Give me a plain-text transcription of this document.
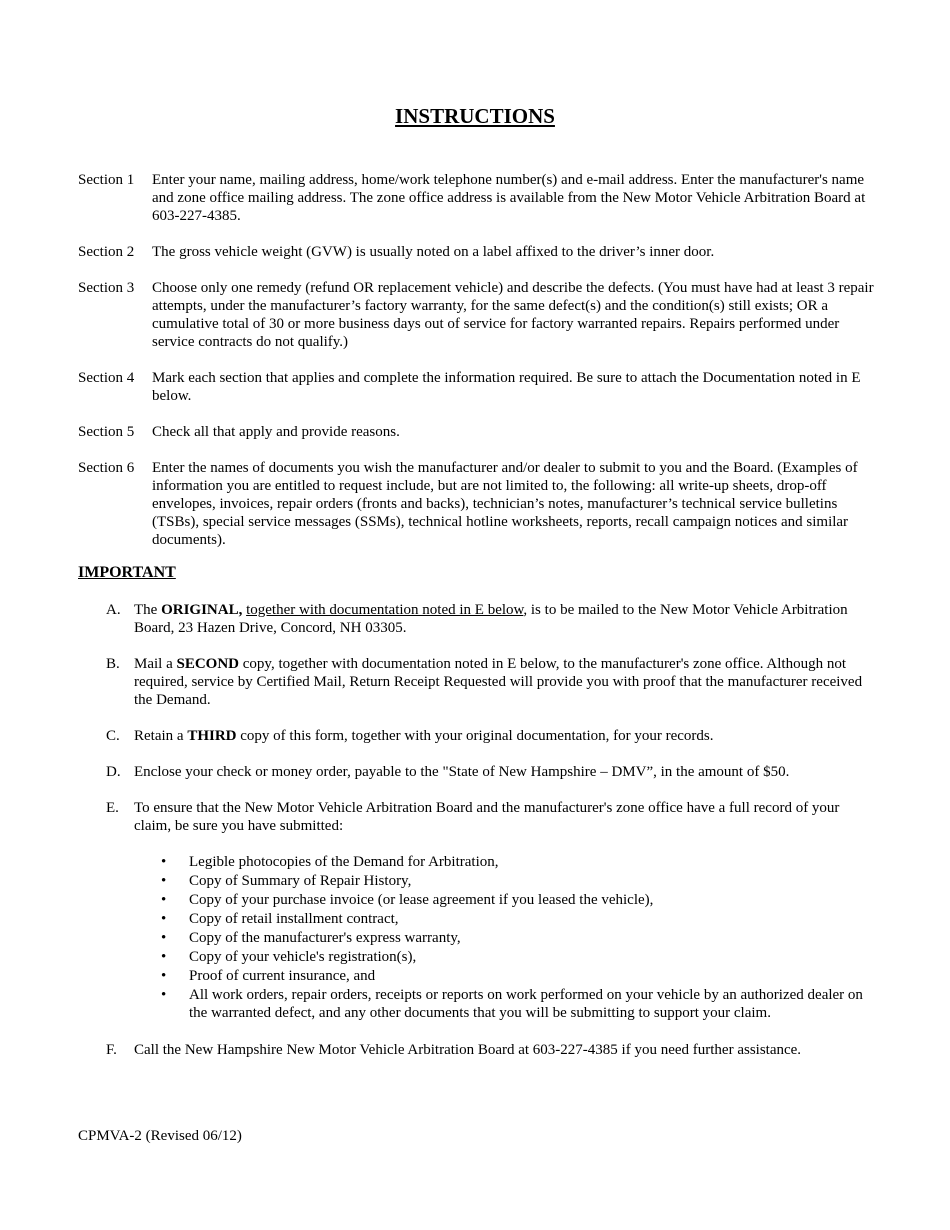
INSTRUCTIONS
Section 1	Enter your name, mailing address, home/work telephone number(s) and e-mail address. Enter the manufacturer's name and zone office mailing address. The zone office address is available from the New Motor Vehicle Arbitration Board at 603-227-4385.
Section 2	The gross vehicle weight (GVW) is usually noted on a label affixed to the driver’s inner door.
Section 3	Choose only one remedy (refund OR replacement vehicle) and describe the defects. (You must have had at least 3 repair attempts, under the manufacturer’s factory warranty, for the same defect(s) and the condition(s) still exists; OR a cumulative total of 30 or more business days out of service for factory warranted repairs. Repairs performed under service contracts do not qualify.)
Section 4	Mark each section that applies and complete the information required. Be sure to attach the Documentation noted in E below.
Section 5	Check all that apply and provide reasons.
Section 6	Enter the names of documents you wish the manufacturer and/or dealer to submit to you and the Board. (Examples of information you are entitled to request include, but are not limited to, the following: all write-up sheets, drop-off envelopes, invoices, repair orders (fronts and backs), technician’s notes, manufacturer’s technical service bulletins (TSBs), special service messages (SSMs), technical hotline worksheets, reports, recall campaign notices and similar documents).
IMPORTANT
A. The ORIGINAL, together with documentation noted in E below, is to be mailed to the New Motor Vehicle Arbitration Board, 23 Hazen Drive, Concord, NH 03305.
B. Mail a SECOND copy, together with documentation noted in E below, to the manufacturer's zone office. Although not required, service by Certified Mail, Return Receipt Requested will provide you with proof that the manufacturer received the Demand.
C. Retain a THIRD copy of this form, together with your original documentation, for your records.
D. Enclose your check or money order, payable to the "State of New Hampshire – DMV”, in the amount of $50.
E.	To ensure that the New Motor Vehicle Arbitration Board and the manufacturer's zone office have a full record of your claim, be sure you have submitted:
•	Legible photocopies of the Demand for Arbitration,
•	Copy of Summary of Repair History,
•	Copy of your purchase invoice (or lease agreement if you leased the vehicle),
•	Copy of retail installment contract,
•	Copy of the manufacturer's express warranty,
•	Copy of your vehicle's registration(s),
•	Proof of current insurance, and
•	All work orders, repair orders, receipts or reports on work performed on your vehicle by an authorized dealer on the warranted defect, and any other documents that you will be submitting to support your claim.
F.	Call the New Hampshire New Motor Vehicle Arbitration Board at 603-227-4385 if you need further assistance.
CPMVA-2 (Revised 06/12)
